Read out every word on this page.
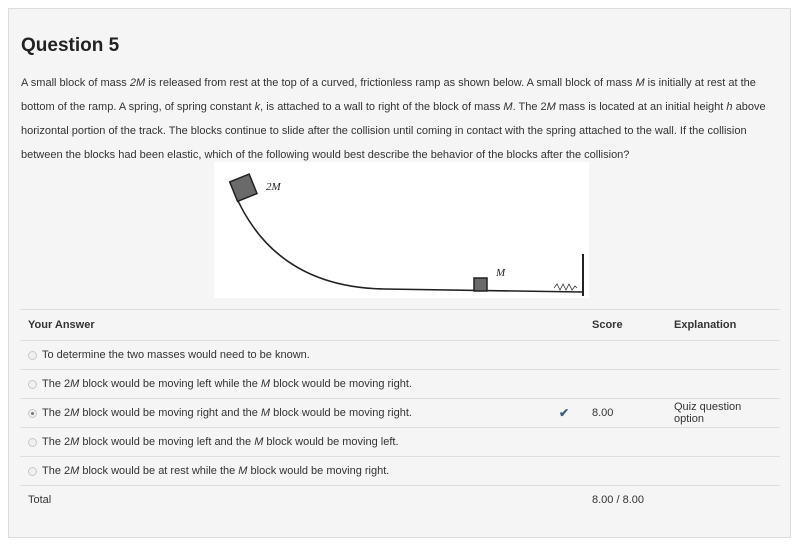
Question 5
A small block of mass 2M is released from rest at the top of a curved, frictionless ramp as shown below. A small block of mass M is initially at rest at the bottom of the ramp. A spring, of spring constant k, is attached to a wall to right of the block of mass M. The 2M mass is located at an initial height h above horizontal portion of the track. The blocks continue to slide after the collision until coming in contact with the spring attached to the wall. If the collision between the blocks had been elastic, which of the following would best describe the behavior of the blocks after the collision?
2M
M
Your Answer		Score	Explanation
To determine the two masses would need to be known.			
The 2M block would be moving left while the M block would be moving right.			
The 2M block would be moving right and the M block would be moving right.	✔	8.00	Quiz question option
The 2M block would be moving left and the M block would be moving left.			
The 2M block would be at rest while the M block would be moving right.			
Total		8.00 / 8.00	
